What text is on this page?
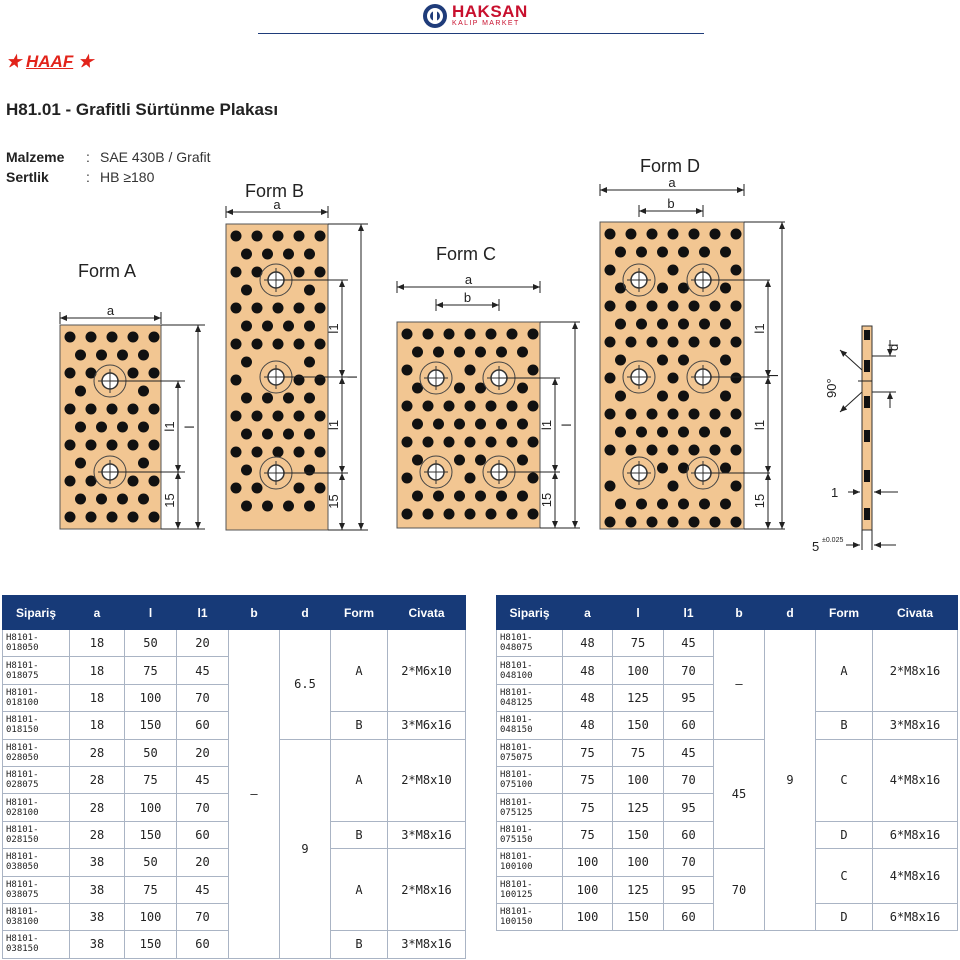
HAKSAN
KALIP MARKET
★ HAAF ★
H81.01 - Grafitli Sürtünme Plakası
Malzeme : SAE 430B / Grafit
Sertlik	: HB ≥180
Form A
Form B
Form C
Form D
d
90°
1
5 ±0.025
a
l1 l
15
a
l1
l1
l
15
a
b
l1 l
15
a
b
l1
l1
l
15
Sipariş	a	l	l1	b	d	Form	Civata
H8101-018050	18	50	20	–	6.5	A	2*M6x10
H8101-018075	18	75	45				
H8101-018100	18	100	70				
H8101-018150	18	150	60			B	3*M6x16
H8101-028050	28	50	20		9	A	2*M8x10
H8101-028075	28	75	45				
H8101-028100	28	100	70				
H8101-028150	28	150	60			B	3*M8x16
H8101-038050	38	50	20			A	2*M8x16
H8101-038075	38	75	45				
H8101-038100	38	100	70				
H8101-038150	38	150	60			B	3*M8x16
Sipariş	a	l	l1	b	d	Form	Civata
H8101-048075	48	75	45	–	9	A	2*M8x16
H8101-048100	48	100	70				
H8101-048125	48	125	95				
H8101-048150	48	150	60			B	3*M8x16
H8101-075075	75	75	45	45		C	4*M8x16
H8101-075100	75	100	70				
H8101-075125	75	125	95				
H8101-075150	75	150	60			D	6*M8x16
H8101-100100	100	100	70	70		C	4*M8x16
H8101-100125	100	125	95				
H8101-100150	100	150	60			D	6*M8x16
